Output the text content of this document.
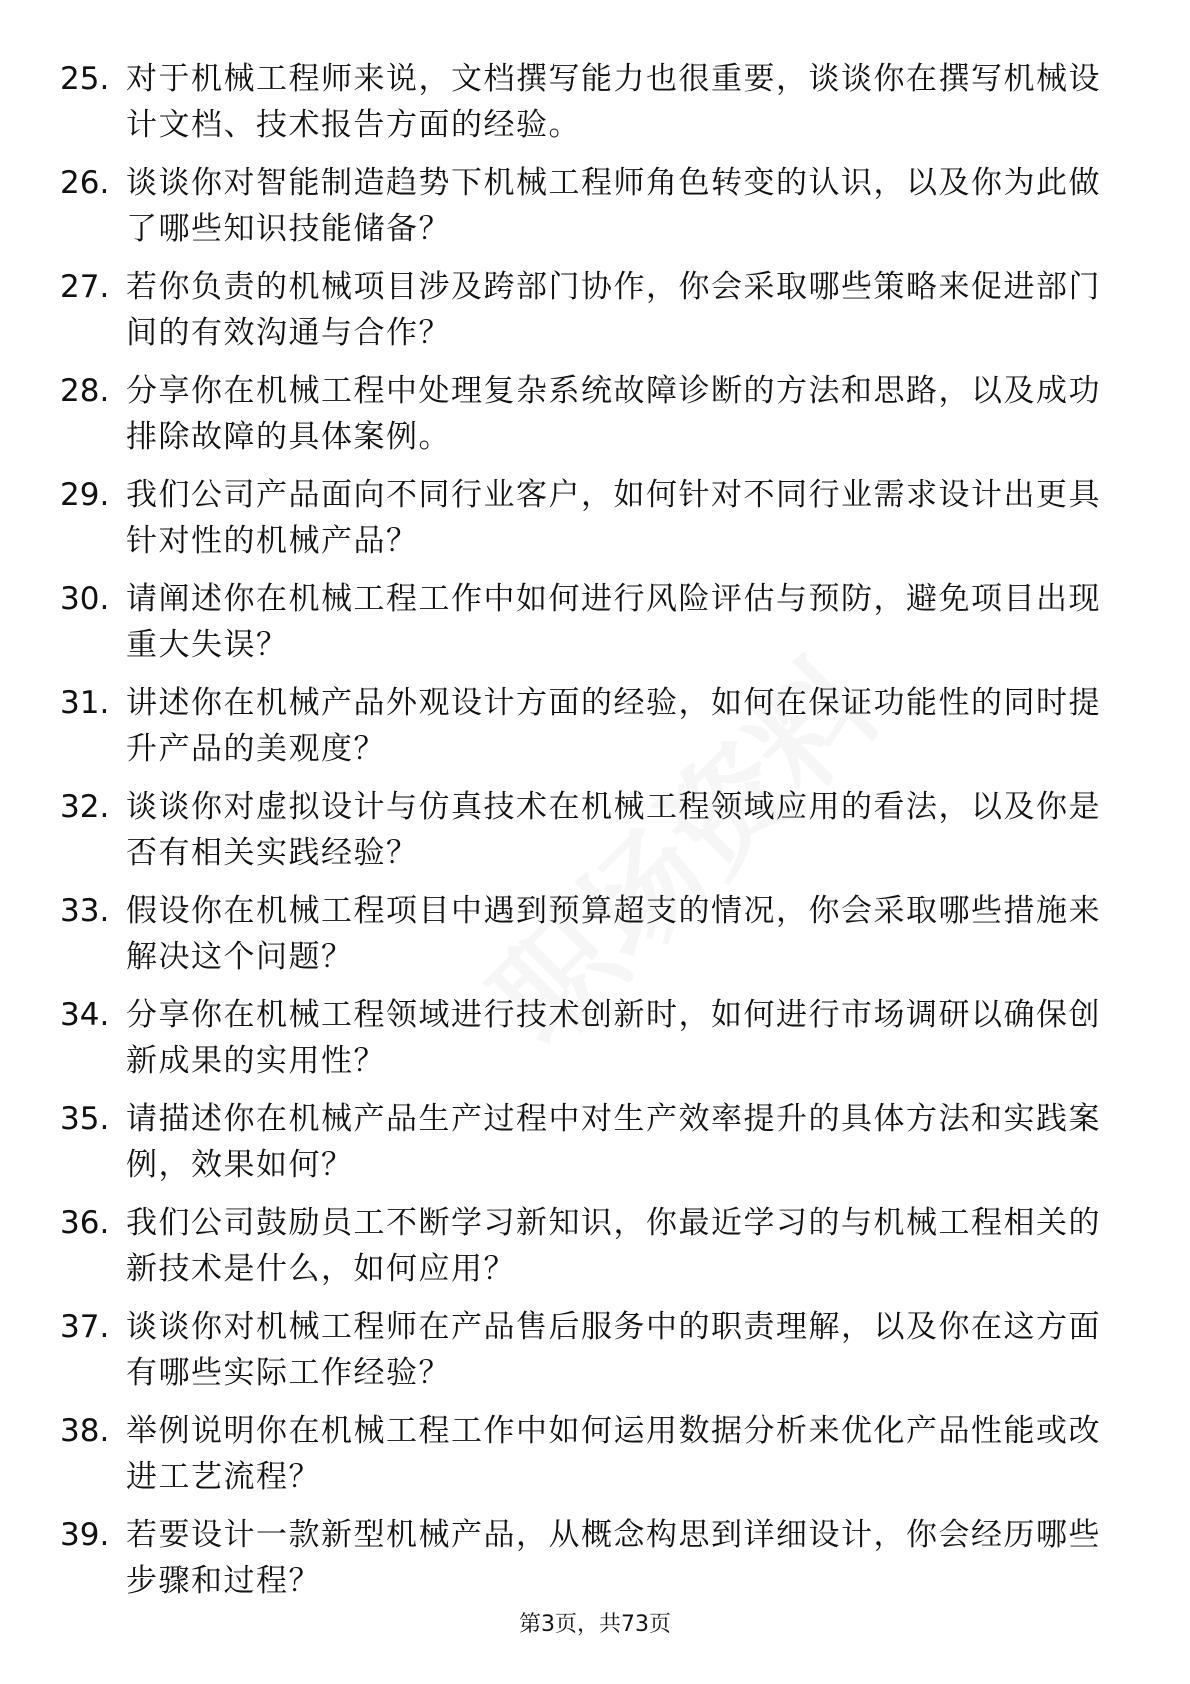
25. 对于机械工程师来说，文档撰写能力也很重要，谈谈你在撰写机械设计文档、技术报告方面的经验。
26. 谈谈你对智能制造趋势下机械工程师角色转变的认识，以及你为此做了哪些知识技能储备？
27. 若你负责的机械项目涉及跨部门协作，你会采取哪些策略来促进部门间的有效沟通与合作？
28. 分享你在机械工程中处理复杂系统故障诊断的方法和思路，以及成功排除故障的具体案例。
29. 我们公司产品面向不同行业客户，如何针对不同行业需求设计出更具针对性的机械产品？
30. 请阐述你在机械工程工作中如何进行风险评估与预防，避免项目出现重大失误？
31. 讲述你在机械产品外观设计方面的经验，如何在保证功能性的同时提升产品的美观度？
32. 谈谈你对虚拟设计与仿真技术在机械工程领域应用的看法，以及你是否有相关实践经验？
33. 假设你在机械工程项目中遇到预算超支的情况，你会采取哪些措施来解决这个问题？
34. 分享你在机械工程领域进行技术创新时，如何进行市场调研以确保创新成果的实用性？
35. 请描述你在机械产品生产过程中对生产效率提升的具体方法和实践案例，效果如何？
36. 我们公司鼓励员工不断学习新知识，你最近学习的与机械工程相关的新技术是什么，如何应用？
37. 谈谈你对机械工程师在产品售后服务中的职责理解，以及你在这方面有哪些实际工作经验？
38. 举例说明你在机械工程工作中如何运用数据分析来优化产品性能或改进工艺流程？
39. 若要设计一款新型机械产品，从概念构思到详细设计，你会经历哪些步骤和过程？
第3页，共73页
